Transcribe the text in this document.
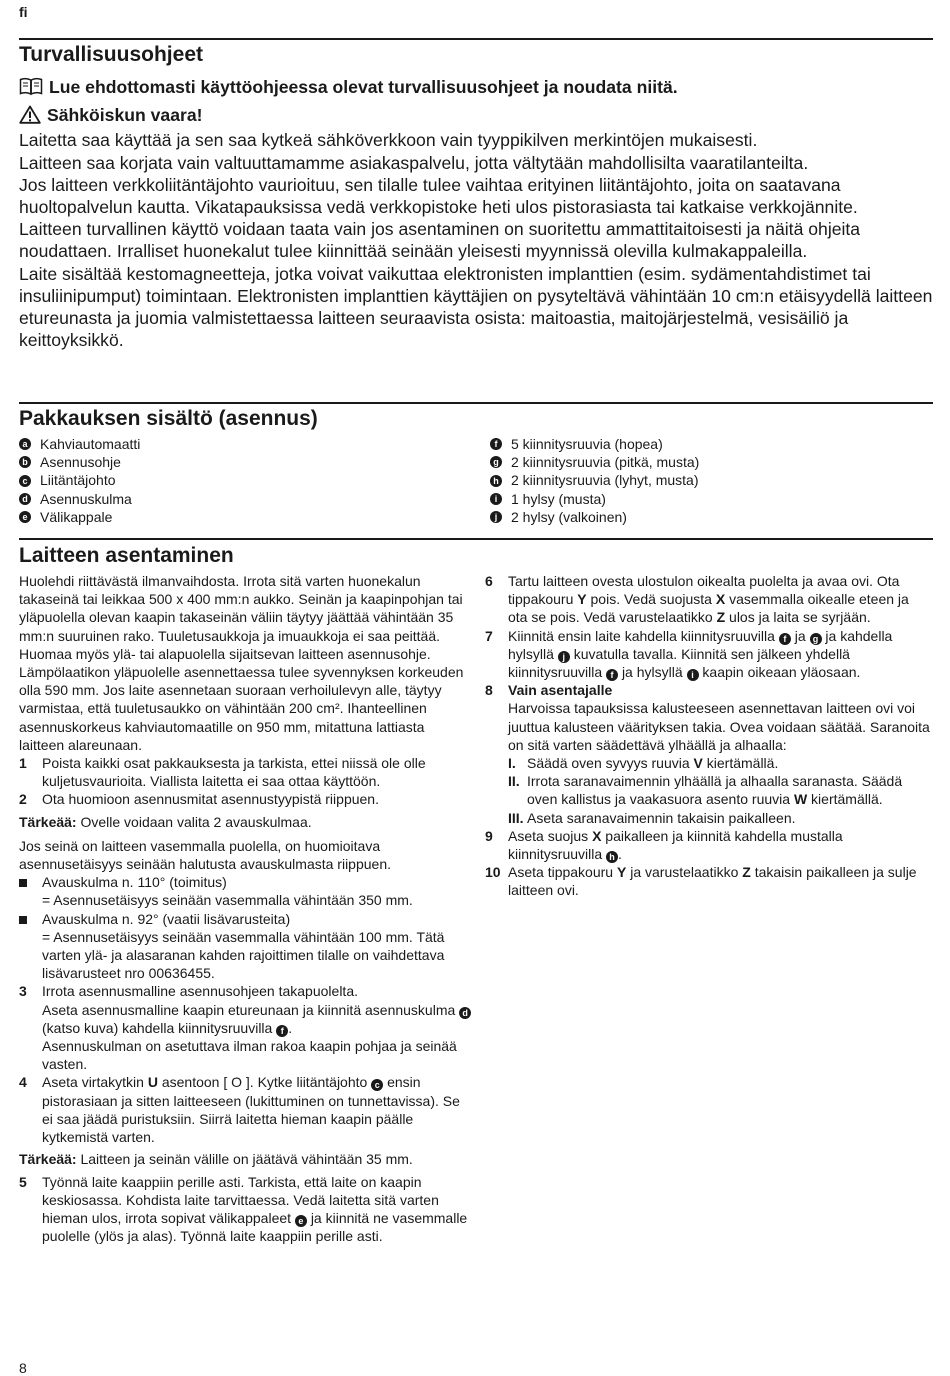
fi
Turvallisuusohjeet

Lue ehdottomasti käyttöohjeessa olevat turvallisuusohjeet ja noudata niitä.

Sähköiskun vaara!

Laitetta saa käyttää ja sen saa kytkeä sähköverkkoon vain tyyppikilven merkintöjen mukaisesti.

Laitteen saa korjata vain valtuuttamamme asiakaspalvelu, jotta vältytään mahdollisilta vaaratilanteilta.

Jos laitteen verkkoliitäntäjohto vaurioituu, sen tilalle tulee vaihtaa erityinen liitäntäjohto, joita on saatavana huoltopalvelun kautta. Vikatapauksissa vedä verkkopistoke heti ulos pistorasiasta tai katkaise verkkojännite.

Laitteen turvallinen käyttö voidaan taata vain jos asentaminen on suoritettu ammattitaitoisesti ja näitä ohjeita noudattaen. Irralliset huonekalut tulee kiinnittää seinään yleisesti myynnissä olevilla kulmakappaleilla.

Laite sisältää kestomagneetteja, jotka voivat vaikuttaa elektronisten implanttien (esim. sydämentahdistimet tai insuliinipumput) toimintaan. Elektronisten implanttien käyttäjien on pysyteltävä vähintään 10 cm:n etäisyydellä laitteen etureunasta ja juomia valmistettaessa laitteen seuraavista osista: maitoastia, maitojärjestelmä, vesisäiliö ja keittoyksikkö.

Pakkauksen sisältö (asennus)
a Kahviautomaatti
b Asennusohje
c Liitäntäjohto
d Asennuskulma
e Välikappale
f 5 kiinnitysruuvia (hopea)
g 2 kiinnitysruuvia (pitkä, musta)
h 2 kiinnitysruuvia (lyhyt, musta)
i 1 hylsy (musta)
j 2 hylsy (valkoinen)
Laitteen asentaminen

Huolehdi riittävästä ilmanvaihdosta. Irrota sitä varten huonekalun takaseinä tai leikkaa 500 x 400 mm:n aukko. Seinän ja kaapinpohjan tai yläpuolella olevan kaapin takaseinän väliin täytyy jäättää vähintään 35 mm:n suuruinen rako. Tuuletusaukkoja ja imuaukkoja ei saa peittää. Huomaa myös ylä- tai alapuolella sijaitsevan laitteen asennusohje. Lämpölaatikon yläpuolelle asennettaessa tulee syvennyksen korkeuden olla 590 mm. Jos laite asennetaan suoraan verhoilulevyn alle, täytyy varmistaa, että tuuletusaukko on vähintään 200 cm². Ihanteellinen asennuskorkeus kahviautomaatille on 950 mm, mitattuna lattiasta laitteen alareunaan.

1	Poista kaikki osat pakkauksesta ja tarkista, ettei niissä ole olle kuljetusvaurioita. Viallista laitetta ei saa ottaa käyttöön.
2	Ota huomioon asennusmitat asennustyypistä riippuen.

Tärkeää: Ovelle voidaan valita 2 avauskulmaa.

Jos seinä on laitteen vasemmalla puolella, on huomioitava asennusetäisyys seinään halutusta avauskulmasta riippuen.

Avauskulma n. 110° (toimitus)
= Asennusetäisyys seinään vasemmalla vähintään 350 mm.
Avauskulma n. 92° (vaatii lisävarusteita)
= Asennusetäisyys seinään vasemmalla vähintään 100 mm. Tätä varten ylä- ja alasaranan kahden rajoittimen tilalle on vaihdettava lisävarusteet nro 00636455.
3	Irrota asennusmalline asennusohjeen takapuolelta.
Aseta asennusmalline kaapin etureunaan ja kiinnitä asennuskulma d (katso kuva) kahdella kiinnitysruuvilla f .
Asennuskulman on asetuttava ilman rakoa kaapin pohjaa ja seinää vasten.
4	Aseta virtakytkin U asentoon [ O ]. Kytke liitäntäjohto c ensin pistorasiaan ja sitten laitteeseen (lukittuminen on tunnettavissa). Se ei saa jäädä puristuksiin. Siirrä laitetta hieman kaapin päälle kytkemistä varten.

Tärkeää: Laitteen ja seinän välille on jäätävä vähintään 35 mm.

5	Työnnä laite kaappiin perille asti. Tarkista, että laite on kaapin keskiosassa. Kohdista laite tarvittaessa. Vedä laitetta sitä varten hieman ulos, irrota sopivat välikappaleet e ja kiinnitä ne vasemmalle puolelle (ylös ja alas). Työnnä laite kaappiin perille asti.
6	Tartu laitteen ovesta ulostulon oikealta puolelta ja avaa ovi. Ota tippakouru Y pois. Vedä suojusta X vasemmalla oikealle eteen ja ota se pois. Vedä varustelaatikko Z ulos ja laita se syrjään.
7	Kiinnitä ensin laite kahdella kiinnitysruuvilla f ja g ja kahdella hylsyllä j kuvatulla tavalla. Kiinnitä sen jälkeen yhdellä kiinnitysruuvilla f ja hylsyllä i kaapin oikeaan yläosaan.
8	Vain asentajalle
Harvoissa tapauksissa kalusteeseen asennettavan laitteen ovi voi juuttua kalusteen väärityksen takia. Ovea voidaan säätää. Saranoita on sitä varten säädettävä ylhäällä ja alhaalla:
I. Säädä oven syvyys ruuvia V kiertämällä.
II. Irrota saranavaimennin ylhäällä ja alhaalla saranasta. Säädä oven kallistus ja vaakasuora asento ruuvia W kiertämällä.
III. Aseta saranavaimennin takaisin paikalleen.
9	Aseta suojus X paikalleen ja kiinnitä kahdella mustalla kiinnitysruuvilla h .
10 Aseta tippakouru Y ja varustelaatikko Z takaisin paikalleen ja sulje laitteen ovi.
8
